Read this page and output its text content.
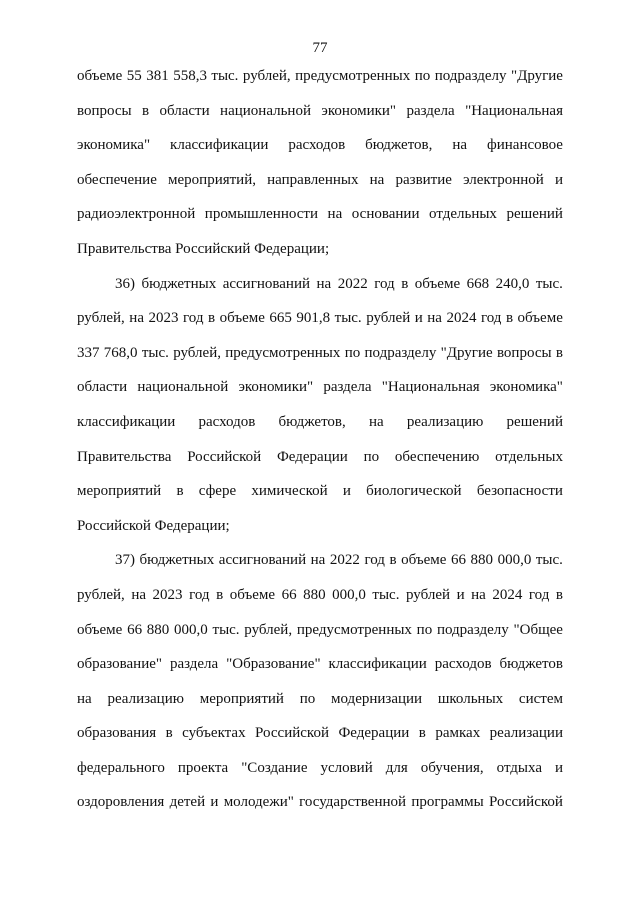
77
объеме 55 381 558,3 тыс. рублей, предусмотренных по подразделу "Другие
вопросы в области национальной экономики" раздела "Национальная
экономика" классификации расходов бюджетов, на финансовое
обеспечение мероприятий, направленных на развитие электронной и
радиоэлектронной промышленности на основании отдельных решений
Правительства Российский Федерации;
36) бюджетных ассигнований на 2022 год в объеме 668 240,0 тыс.
рублей, на 2023 год в объеме 665 901,8 тыс. рублей и на 2024 год в объеме
337 768,0 тыс. рублей, предусмотренных по подразделу "Другие вопросы в
области национальной экономики" раздела "Национальная экономика"
классификации расходов бюджетов, на реализацию решений
Правительства Российской Федерации по обеспечению отдельных
мероприятий в сфере химической и биологической безопасности
Российской Федерации;
37) бюджетных ассигнований на 2022 год в объеме 66 880 000,0 тыс.
рублей, на 2023 год в объеме 66 880 000,0 тыс. рублей и на 2024 год в
объеме 66 880 000,0 тыс. рублей, предусмотренных по подразделу "Общее
образование" раздела "Образование" классификации расходов бюджетов
на реализацию мероприятий по модернизации школьных систем
образования в субъектах Российской Федерации в рамках реализации
федерального проекта "Создание условий для обучения, отдыха и
оздоровления детей и молодежи" государственной программы Российской
